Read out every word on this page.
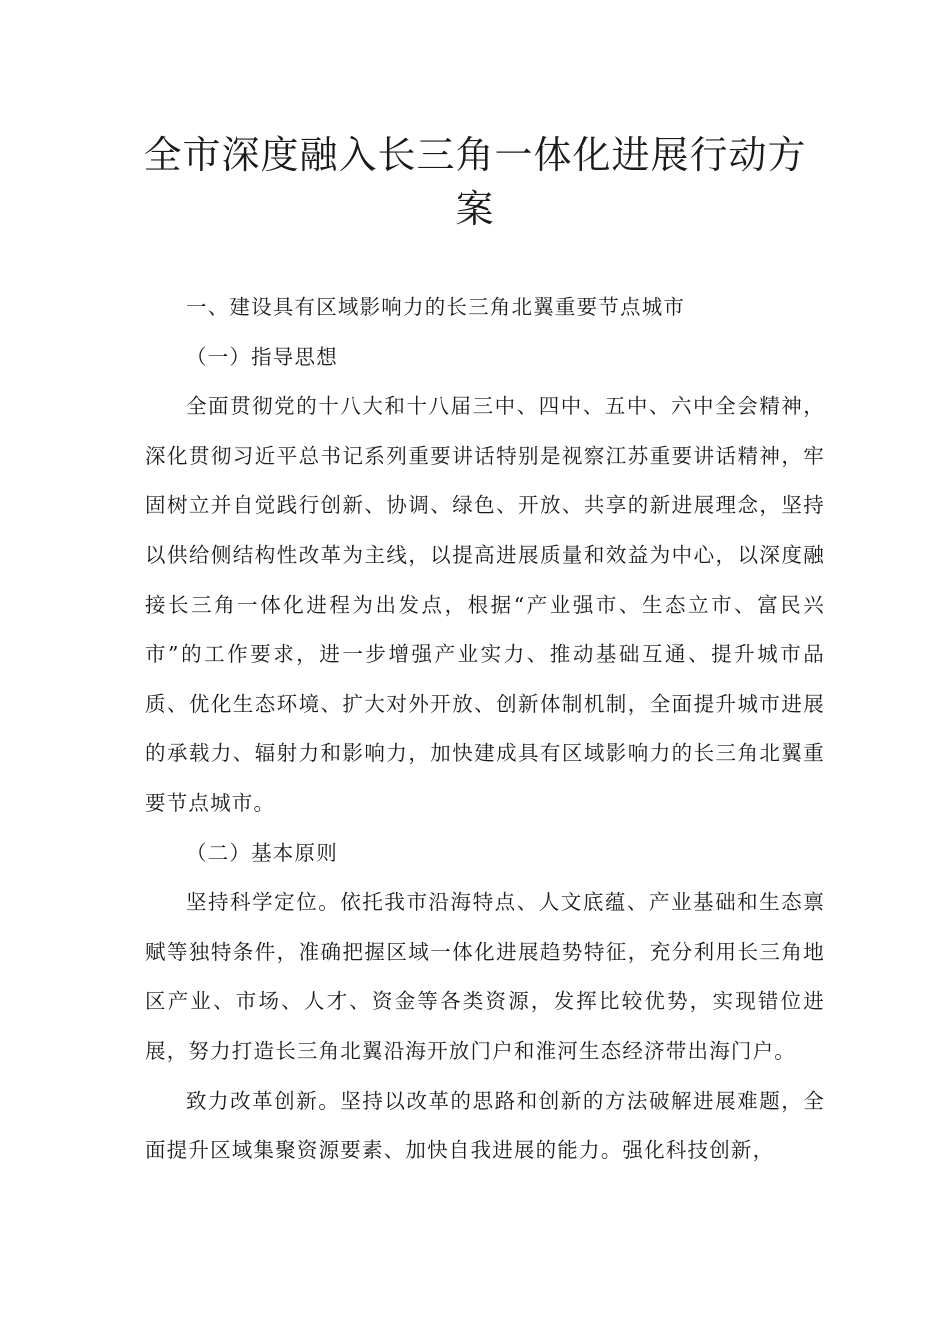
全市深度融入长三角一体化进展行动方案

一、建设具有区域影响力的长三角北翼重要节点城市

（一）指导思想

全面贯彻党的十八大和十八届三中、四中、五中、六中全会精神，深化贯彻习近平总书记系列重要讲话特别是视察江苏重要讲话精神，牢固树立并自觉践行创新、协调、绿色、开放、共享的新进展理念，坚持以供给侧结构性改革为主线，以提高进展质量和效益为中心，以深度融接长三角一体化进程为出发点，根据“产业强市、生态立市、富民兴市”的工作要求，进一步增强产业实力、推动基础互通、提升城市品质、优化生态环境、扩大对外开放、创新体制机制，全面提升城市进展的承载力、辐射力和影响力，加快建成具有区域影响力的长三角北翼重要节点城市。

（二）基本原则

坚持科学定位。依托我市沿海特点、人文底蕴、产业基础和生态禀赋等独特条件，准确把握区域一体化进展趋势特征，充分利用长三角地区产业、市场、人才、资金等各类资源，发挥比较优势，实现错位进展，努力打造长三角北翼沿海开放门户和淮河生态经济带出海门户。

致力改革创新。坚持以改革的思路和创新的方法破解进展难题，全面提升区域集聚资源要素、加快自我进展的能力。强化科技创新，
